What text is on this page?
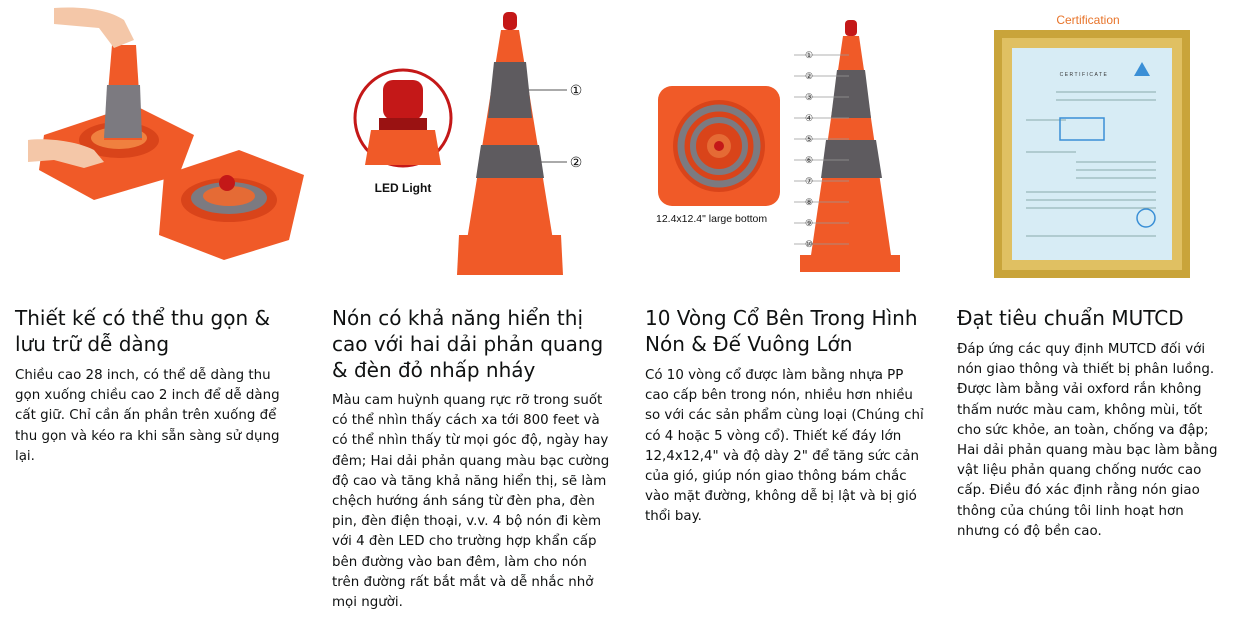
Thiết kế có thể thu gọn & lưu trữ dễ dàng

Chiều cao 28 inch, có thể dễ dàng thu gọn xuống chiều cao 2 inch để dễ dàng cất giữ. Chỉ cần ấn phần trên xuống để thu gọn và kéo ra khi sẵn sàng sử dụng lại.

LED Light
①
②
Nón có khả năng hiển thị cao với hai dải phản quang & đèn đỏ nhấp nháy

Màu cam huỳnh quang rực rỡ trong suốt có thể nhìn thấy cách xa tới 800 feet và có thể nhìn thấy từ mọi góc độ, ngày hay đêm; Hai dải phản quang màu bạc cường độ cao và tăng khả năng hiển thị, sẽ làm chệch hướng ánh sáng từ đèn pha, đèn pin, đèn điện thoại, v.v. 4 bộ nón đi kèm với 4 đèn LED cho trường hợp khẩn cấp bên đường vào ban đêm, làm cho nón trên đường rất bắt mắt và dễ nhắc nhở mọi người.

12.4x12.4" large bottom
①
②
③
④
⑤
⑥
⑦
⑧
⑨
⑩
10 Vòng Cổ Bên Trong Hình Nón & Đế Vuông Lớn

Có 10 vòng cổ được làm bằng nhựa PP cao cấp bên trong nón, nhiều hơn nhiều so với các sản phẩm cùng loại (Chúng chỉ có 4 hoặc 5 vòng cổ). Thiết kế đáy lớn 12,4x12,4" và độ dày 2" để tăng sức cản của gió, giúp nón giao thông bám chắc vào mặt đường, không dễ bị lật và bị gió thổi bay.

Certification
CERTIFICATE
Đạt tiêu chuẩn MUTCD

Đáp ứng các quy định MUTCD đối với nón giao thông và thiết bị phân luồng. Được làm bằng vải oxford rắn không thấm nước màu cam, không mùi, tốt cho sức khỏe, an toàn, chống va đập; Hai dải phản quang màu bạc làm bằng vật liệu phản quang chống nước cao cấp. Điều đó xác định rằng nón giao thông của chúng tôi linh hoạt hơn nhưng có độ bền cao.
